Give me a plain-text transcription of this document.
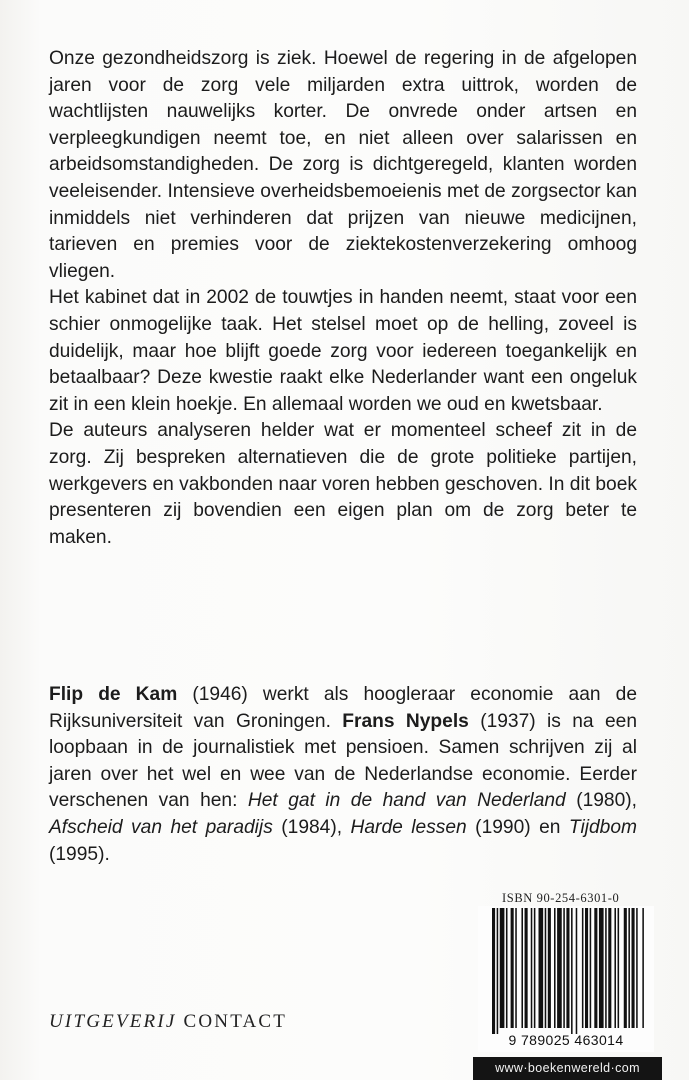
Onze gezondheidszorg is ziek. Hoewel de regering in de afgelopen jaren voor de zorg vele miljarden extra uittrok, worden de wachtlijsten nauwelijks korter. De onvrede onder artsen en verpleegkundigen neemt toe, en niet alleen over salarissen en arbeidsomstandigheden. De zorg is dichtgeregeld, klanten worden veeleisender. Intensieve overheidsbemoeienis met de zorgsector kan inmiddels niet verhinderen dat prijzen van nieuwe medicijnen, tarieven en premies voor de ziektekostenverzekering omhoog vliegen.

Het kabinet dat in 2002 de touwtjes in handen neemt, staat voor een schier onmogelijke taak. Het stelsel moet op de helling, zoveel is duidelijk, maar hoe blijft goede zorg voor iedereen toegankelijk en betaalbaar? Deze kwestie raakt elke Nederlander want een ongeluk zit in een klein hoekje. En allemaal worden we oud en kwetsbaar.

De auteurs analyseren helder wat er momenteel scheef zit in de zorg. Zij bespreken alternatieven die de grote politieke partijen, werkgevers en vakbonden naar voren hebben geschoven. In dit boek presenteren zij bovendien een eigen plan om de zorg beter te maken.

Flip de Kam (1946) werkt als hoogleraar economie aan de Rijksuniversiteit van Groningen. Frans Nypels (1937) is na een loopbaan in de journalistiek met pensioen. Samen schrijven zij al jaren over het wel en wee van de Nederlandse economie. Eerder verschenen van hen: Het gat in de hand van Nederland (1980), Afscheid van het paradijs (1984), Harde lessen (1990) en Tijdbom (1995).

UITGEVERIJ CONTACT
ISBN 90-254-6301-0
9 789025 463014
www·boekenwereld·com
